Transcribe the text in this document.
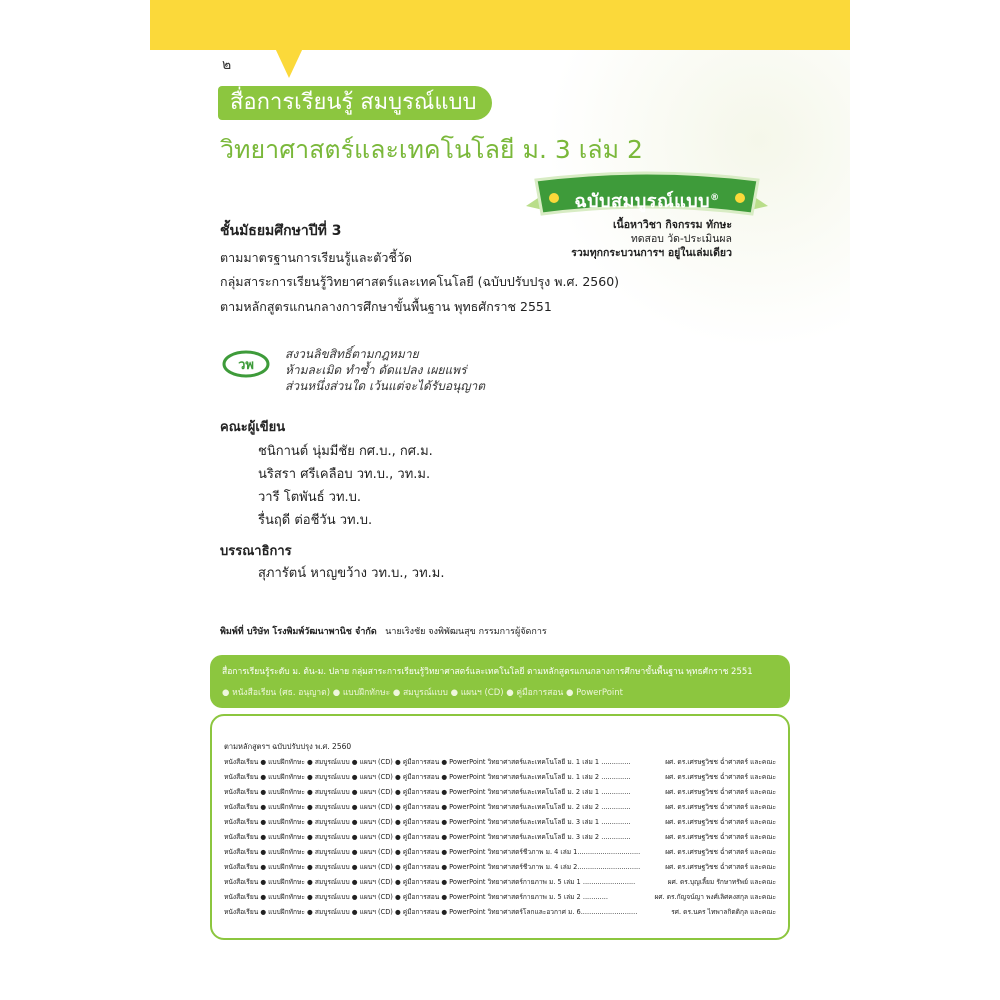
๒
สื่อการเรียนรู้ สมบูรณ์แบบ
วิทยาศาสตร์และเทคโนโลยี ม. 3 เล่ม 2
ฉบับสมบูรณ์แบบ®
เนื้อหาวิชา กิจกรรม ทักษะ
ทดสอบ วัด-ประเมินผล
รวมทุกกระบวนการฯ อยู่ในเล่มเดียว
ชั้นมัธยมศึกษาปีที่ 3
ตามมาตรฐานการเรียนรู้และตัวชี้วัด
กลุ่มสาระการเรียนรู้วิทยาศาสตร์และเทคโนโลยี (ฉบับปรับปรุง พ.ศ. 2560)
ตามหลักสูตรแกนกลางการศึกษาขั้นพื้นฐาน พุทธศักราช 2551
วพ
สงวนลิขสิทธิ์ตามกฎหมาย
ห้ามละเมิด ทำซ้ำ ดัดแปลง เผยแพร่
ส่วนหนึ่งส่วนใด เว้นแต่จะได้รับอนุญาต
คณะผู้เขียน
ชนิกานต์ นุ่มมีชัย กศ.บ., กศ.ม.
นริสรา ศรีเคลือบ วท.บ., วท.ม.
วารี โตพันธ์ วท.บ.
รื่นฤดี ต่อชีวัน วท.บ.
บรรณาธิการ
สุภารัตน์ หาญขว้าง วท.บ., วท.ม.
พิมพ์ที่ บริษัท โรงพิมพ์วัฒนาพานิช จำกัด นายเริงชัย จงพิพัฒนสุข กรรมการผู้จัดการ
สื่อการเรียนรู้ระดับ ม. ต้น-ม. ปลาย กลุ่มสาระการเรียนรู้วิทยาศาสตร์และเทคโนโลยี ตามหลักสูตรแกนกลางการศึกษาขั้นพื้นฐาน พุทธศักราช 2551
● หนังสือเรียน (ศธ. อนุญาต) ● แบบฝึกทักษะ ● สมบูรณ์แบบ ● แผนฯ (CD) ● คู่มือการสอน ● PowerPoint
ตามหลักสูตรฯ ฉบับปรับปรุง พ.ศ. 2560
หนังสือเรียน ● แบบฝึกทักษะ ● สมบูรณ์แบบ ● แผนฯ (CD) ● คู่มือการสอน ● PowerPoint วิทยาศาสตร์และเทคโนโลยี ม. 1 เล่ม 1 ..............	ผศ. ดร.เศรษฐวิชช ฉ่ำศาสตร์ และคณะ
หนังสือเรียน ● แบบฝึกทักษะ ● สมบูรณ์แบบ ● แผนฯ (CD) ● คู่มือการสอน ● PowerPoint วิทยาศาสตร์และเทคโนโลยี ม. 1 เล่ม 2 ..............	ผศ. ดร.เศรษฐวิชช ฉ่ำศาสตร์ และคณะ
หนังสือเรียน ● แบบฝึกทักษะ ● สมบูรณ์แบบ ● แผนฯ (CD) ● คู่มือการสอน ● PowerPoint วิทยาศาสตร์และเทคโนโลยี ม. 2 เล่ม 1 ..............	ผศ. ดร.เศรษฐวิชช ฉ่ำศาสตร์ และคณะ
หนังสือเรียน ● แบบฝึกทักษะ ● สมบูรณ์แบบ ● แผนฯ (CD) ● คู่มือการสอน ● PowerPoint วิทยาศาสตร์และเทคโนโลยี ม. 2 เล่ม 2 ..............	ผศ. ดร.เศรษฐวิชช ฉ่ำศาสตร์ และคณะ
หนังสือเรียน ● แบบฝึกทักษะ ● สมบูรณ์แบบ ● แผนฯ (CD) ● คู่มือการสอน ● PowerPoint วิทยาศาสตร์และเทคโนโลยี ม. 3 เล่ม 1 ..............	ผศ. ดร.เศรษฐวิชช ฉ่ำศาสตร์ และคณะ
หนังสือเรียน ● แบบฝึกทักษะ ● สมบูรณ์แบบ ● แผนฯ (CD) ● คู่มือการสอน ● PowerPoint วิทยาศาสตร์และเทคโนโลยี ม. 3 เล่ม 2 ..............	ผศ. ดร.เศรษฐวิชช ฉ่ำศาสตร์ และคณะ
หนังสือเรียน ● แบบฝึกทักษะ ● สมบูรณ์แบบ ● แผนฯ (CD) ● คู่มือการสอน ● PowerPoint วิทยาศาสตร์ชีวภาพ ม. 4 เล่ม 1..............................	ผศ. ดร.เศรษฐวิชช ฉ่ำศาสตร์ และคณะ
หนังสือเรียน ● แบบฝึกทักษะ ● สมบูรณ์แบบ ● แผนฯ (CD) ● คู่มือการสอน ● PowerPoint วิทยาศาสตร์ชีวภาพ ม. 4 เล่ม 2..............................	ผศ. ดร.เศรษฐวิชช ฉ่ำศาสตร์ และคณะ
หนังสือเรียน ● แบบฝึกทักษะ ● สมบูรณ์แบบ ● แผนฯ (CD) ● คู่มือการสอน ● PowerPoint วิทยาศาสตร์กายภาพ ม. 5 เล่ม 1 .........................	ผศ. ดร.บุญเลี้ยม รักษาทรัพย์ และคณะ
หนังสือเรียน ● แบบฝึกทักษะ ● สมบูรณ์แบบ ● แผนฯ (CD) ● คู่มือการสอน ● PowerPoint วิทยาศาสตร์กายภาพ ม. 5 เล่ม 2 ............	ผศ. ดร.กัญจน์ญา พงศ์เลิศคงสกุล และคณะ
หนังสือเรียน ● แบบฝึกทักษะ ● สมบูรณ์แบบ ● แผนฯ (CD) ● คู่มือการสอน ● PowerPoint วิทยาศาสตร์โลกและอวกาศ ม. 6...........................	รศ. ดร.นคร ไทพาลกิตติกุล และคณะ
